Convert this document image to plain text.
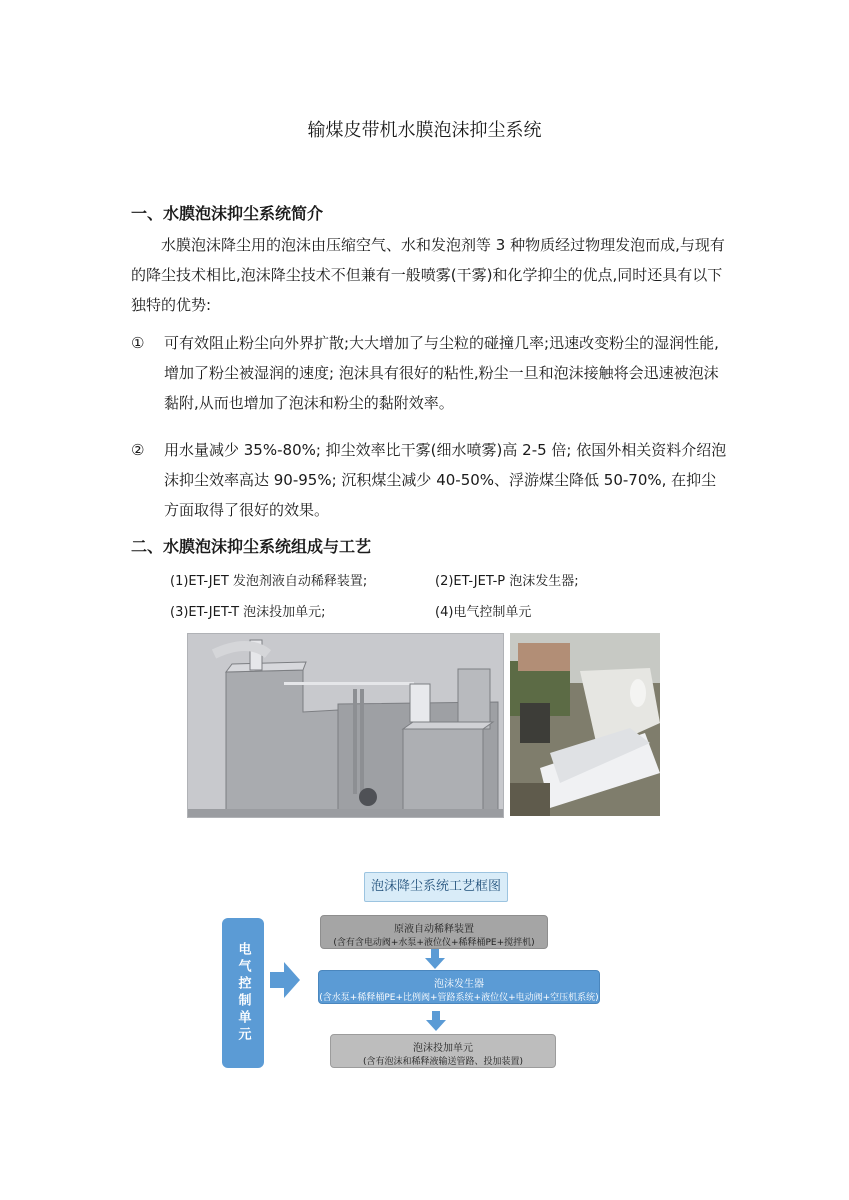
输煤皮带机水膜泡沫抑尘系统
一、水膜泡沫抑尘系统简介
水膜泡沫降尘用的泡沫由压缩空气、水和发泡剂等 3 种物质经过物理发泡而成,与现有的降尘技术相比,泡沫降尘技术不但兼有一般喷雾(干雾)和化学抑尘的优点,同时还具有以下独特的优势:
①	可有效阻止粉尘向外界扩散;大大增加了与尘粒的碰撞几率;迅速改变粉尘的湿润性能,增加了粉尘被湿润的速度; 泡沫具有很好的粘性,粉尘一旦和泡沫接触将会迅速被泡沫黏附,从而也增加了泡沫和粉尘的黏附效率。
②	用水量减少 35%-80%; 抑尘效率比干雾(细水喷雾)高 2-5 倍; 依国外相关资料介绍泡沫抑尘效率高达 90-95%; 沉积煤尘减少 40-50%、浮游煤尘降低 50-70%, 在抑尘方面取得了很好的效果。
二、水膜泡沫抑尘系统组成与工艺
(1)ET-JET 发泡剂液自动稀释装置;	(2)ET-JET-P 泡沫发生器;
(3)ET-JET-T 泡沫投加单元;	(4)电气控制单元
泡沫降尘系统工艺框图
电气控制单元
原液自动稀释装置
(含有含电动阀+水泵+液位仪+稀释桶PE+搅拌机)
泡沫发生器
(含水泵+稀释桶PE+比例阀+管路系统+液位仪+电动阀+空压机系统)
泡沫投加单元
(含有泡沫和稀释液输送管路、投加装置)
